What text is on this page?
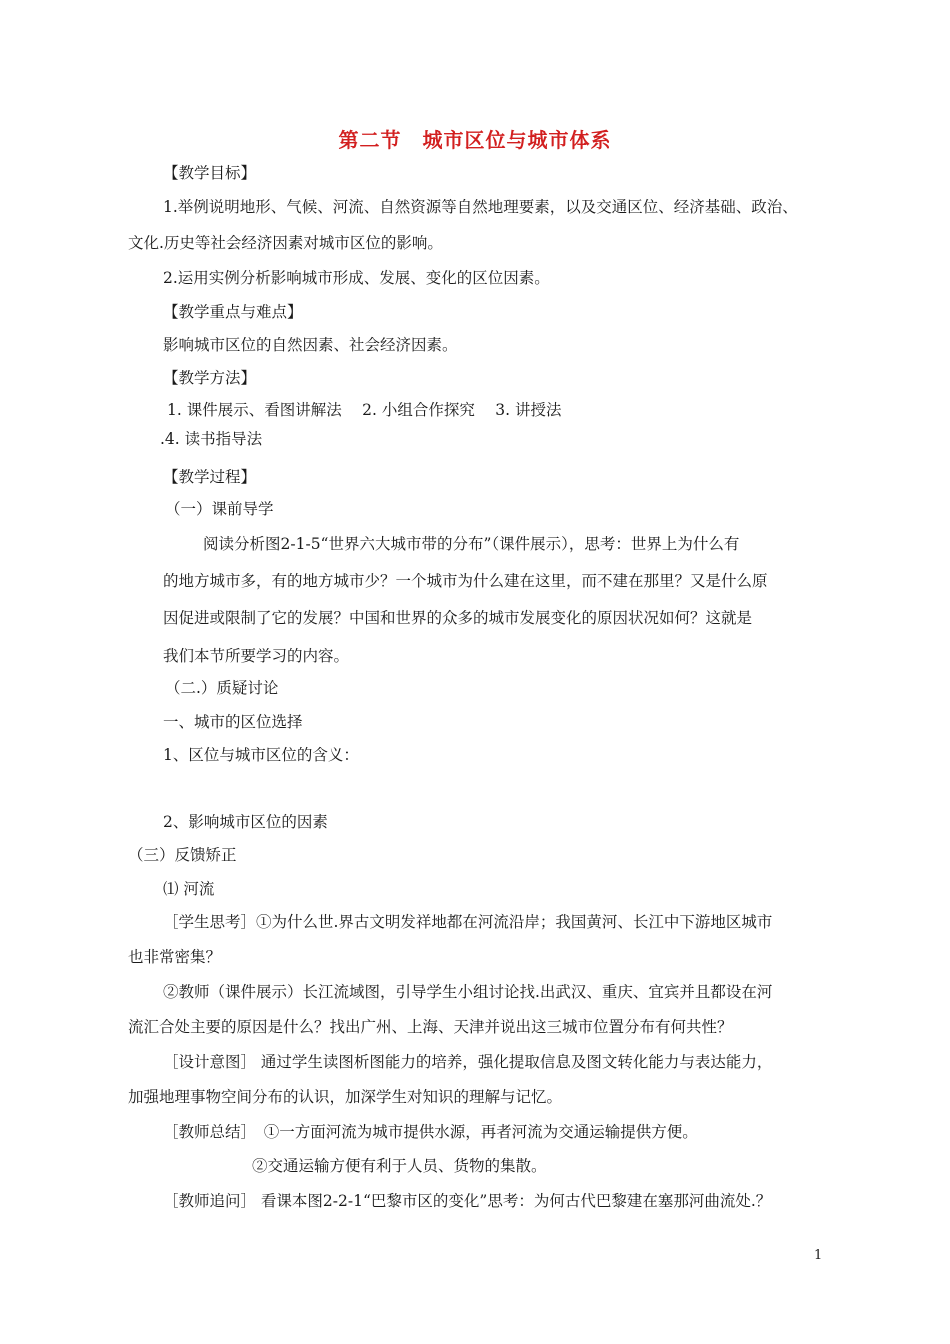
第二节　城市区位与城市体系
【教学目标】
1.举例说明地形、气候、河流、自然资源等自然地理要素，以及交通区位、经济基础、政治、
文化.历史等社会经济因素对城市区位的影响。
2.运用实例分析影响城市形成、发展、变化的区位因素。
【教学重点与难点】
影响城市区位的自然因素、社会经济因素。
【教学方法】
1. 课件展示、看图讲解法　 2. 小组合作探究　 3. 讲授法
.4. 读书指导法
【教学过程】
（一）课前导学
阅读分析图2-1-5“世界六大城市带的分布”（课件展示），思考：世界上为什么有
的地方城市多，有的地方城市少？一个城市为什么建在这里，而不建在那里？又是什么原
因促进或限制了它的发展？中国和世界的众多的城市发展变化的原因状况如何？这就是
我们本节所要学习的内容。
（二.）质疑讨论
一、城市的区位选择
1、区位与城市区位的含义：
2、影响城市区位的因素
（三）反馈矫正
⑴ 河流
［学生思考］①为什么世.界古文明发祥地都在河流沿岸；我国黄河、长江中下游地区城市
也非常密集？
②教师（课件展示）长江流域图，引导学生小组讨论找.出武汉、重庆、宜宾并且都设在河
流汇合处主要的原因是什么？找出广州、上海、天津并说出这三城市位置分布有何共性？
［设计意图］ 通过学生读图析图能力的培养，强化提取信息及图文转化能力与表达能力，
加强地理事物空间分布的认识，加深学生对知识的理解与记忆。
［教师总结］　①一方面河流为城市提供水源，再者河流为交通运输提供方便。
②交通运输方便有利于人员、货物的集散。
［教师追问］ 看课本图2-2-1“巴黎市区的变化”思考：为何古代巴黎建在塞那河曲流处.？
1
